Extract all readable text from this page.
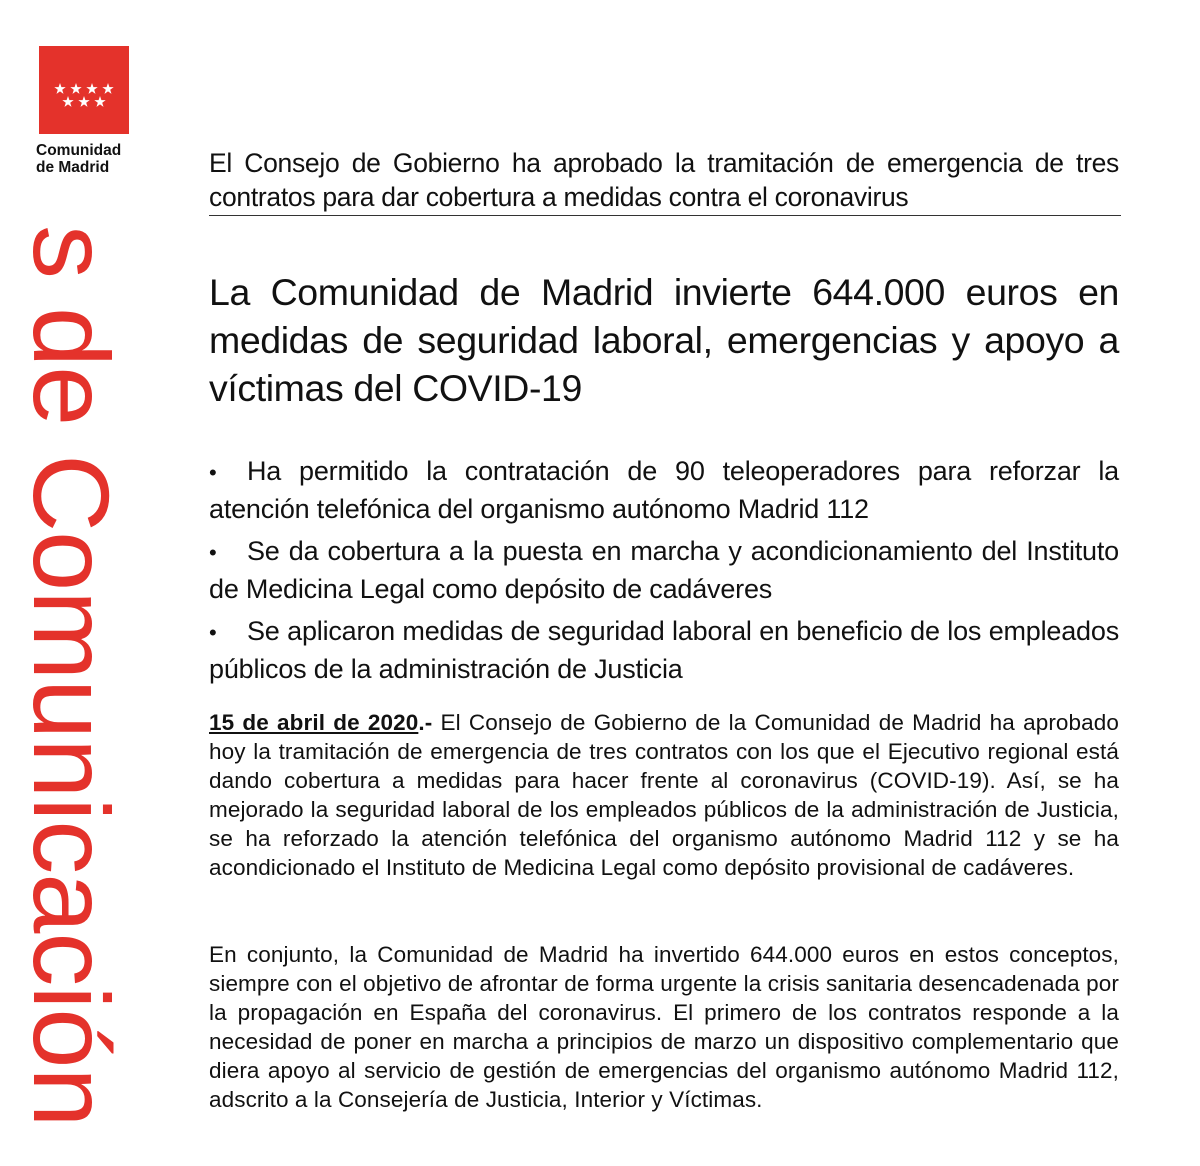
Comunidad
de Madrid
s de Comunicación
El Consejo de Gobierno ha aprobado la tramitación de emergencia de tres contratos para dar cobertura a medidas contra el coronavirus
La Comunidad de Madrid invierte 644.000 euros en medidas de seguridad laboral, emergencias y apoyo a víctimas del COVID-19
• Ha permitido la contratación de 90 teleoperadores para reforzar la atención telefónica del organismo autónomo Madrid 112
• Se da cobertura a la puesta en marcha y acondicionamiento del Instituto de Medicina Legal como depósito de cadáveres
• Se aplicaron medidas de seguridad laboral en beneficio de los empleados públicos de la administración de Justicia
15 de abril de 2020.- El Consejo de Gobierno de la Comunidad de Madrid ha aprobado hoy la tramitación de emergencia de tres contratos con los que el Ejecutivo regional está dando cobertura a medidas para hacer frente al coronavirus (COVID-19). Así, se ha mejorado la seguridad laboral de los empleados públicos de la administración de Justicia, se ha reforzado la atención telefónica del organismo autónomo Madrid 112 y se ha acondicionado el Instituto de Medicina Legal como depósito provisional de cadáveres.
En conjunto, la Comunidad de Madrid ha invertido 644.000 euros en estos conceptos, siempre con el objetivo de afrontar de forma urgente la crisis sanitaria desencadenada por la propagación en España del coronavirus. El primero de los contratos responde a la necesidad de poner en marcha a principios de marzo un dispositivo complementario que diera apoyo al servicio de gestión de emergencias del organismo autónomo Madrid 112, adscrito a la Consejería de Justicia, Interior y Víctimas.
